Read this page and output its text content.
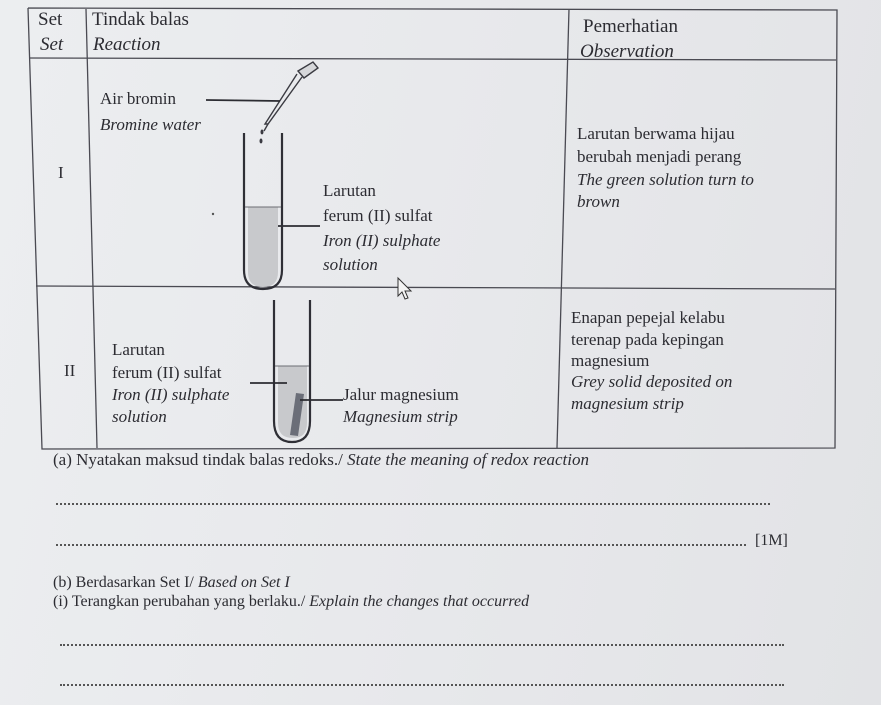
Set
Set
Tindak balas
Reaction
Pemerhatian
Observation
I
Air bromin
Bromine water
Larutan
ferum (II) sulfat
Iron (II) sulphate
solution
Larutan berwama hijau
berubah menjadi perang
The green solution turn to
brown
II
Larutan
ferum (II) sulfat
Iron (II) sulphate
solution
Jalur magnesium
Magnesium strip
Enapan pepejal kelabu
terenap pada kepingan
magnesium
Grey solid deposited on
magnesium strip
(a) Nyatakan maksud tindak balas redoks./ State the meaning of redox reaction
[1M]
(b) Berdasarkan Set I/ Based on Set I
(i) Terangkan perubahan yang berlaku./ Explain the changes that occurred
